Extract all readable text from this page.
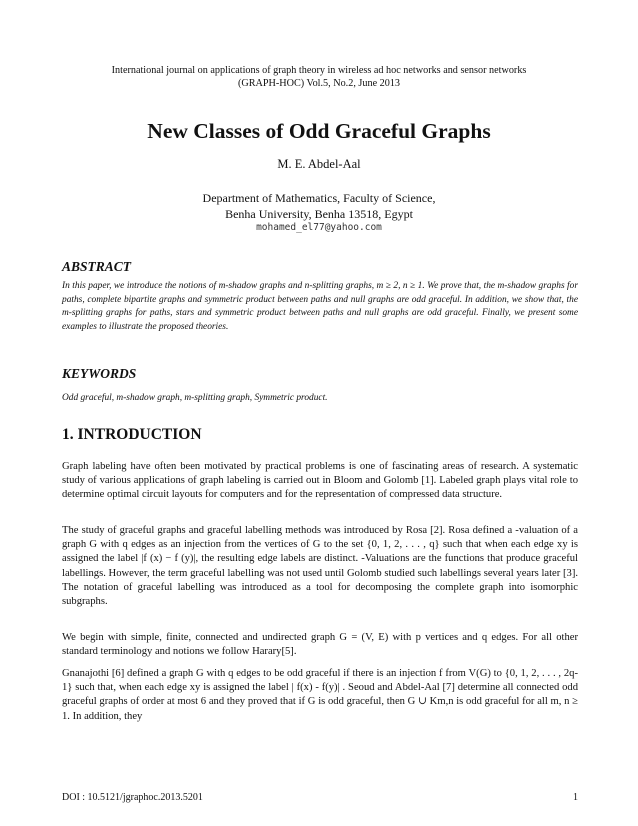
International journal on applications of graph theory in wireless ad hoc networks and sensor networks
(GRAPH-HOC) Vol.5, No.2, June 2013
New Classes of Odd Graceful Graphs
M. E. Abdel-Aal
Department of Mathematics, Faculty of Science,
Benha University, Benha 13518, Egypt
mohamed_el77@yahoo.com
ABSTRACT
In this paper, we introduce the notions of m-shadow graphs and n-splitting graphs, m ≥ 2, n ≥ 1. We prove that, the m-shadow graphs for paths, complete bipartite graphs and symmetric product between paths and null graphs are odd graceful. In addition, we show that, the m-splitting graphs for paths, stars and symmetric product between paths and null graphs are odd graceful. Finally, we present some examples to illustrate the proposed theories.
KEYWORDS
Odd graceful, m-shadow graph, m-splitting graph, Symmetric product.
1. INTRODUCTION
Graph labeling have often been motivated by practical problems is one of fascinating areas of research. A systematic study of various applications of graph labeling is carried out in Bloom and Golomb [1]. Labeled graph plays vital role to determine optimal circuit layouts for computers and for the representation of compressed data structure.
The study of graceful graphs and graceful labelling methods was introduced by Rosa [2]. Rosa defined a -valuation of a graph G with q edges as an injection from the vertices of G to the set {0, 1, 2, . . . , q} such that when each edge xy is assigned the label |f (x) − f (y)|, the resulting edge labels are distinct. -Valuations are the functions that produce graceful labellings. However, the term graceful labelling was not used until Golomb studied such labellings several years later [3]. The notation of graceful labelling was introduced as a tool for decomposing the complete graph into isomorphic subgraphs.
We begin with simple, finite, connected and undirected graph G = (V, E) with p vertices and q edges. For all other standard terminology and notions we follow Harary[5].
Gnanajothi [6] defined a graph G with q edges to be odd graceful if there is an injection f from V(G) to {0, 1, 2, . . . , 2q-1} such that, when each edge xy is assigned the label | f(x) - f(y)| . Seoud and Abdel-Aal [7] determine all connected odd graceful graphs of order at most 6 and they proved that if G is odd graceful, then G ∪ Km,n is odd graceful for all m, n ≥ 1. In addition, they
DOI : 10.5121/jgraphoc.2013.5201	1
